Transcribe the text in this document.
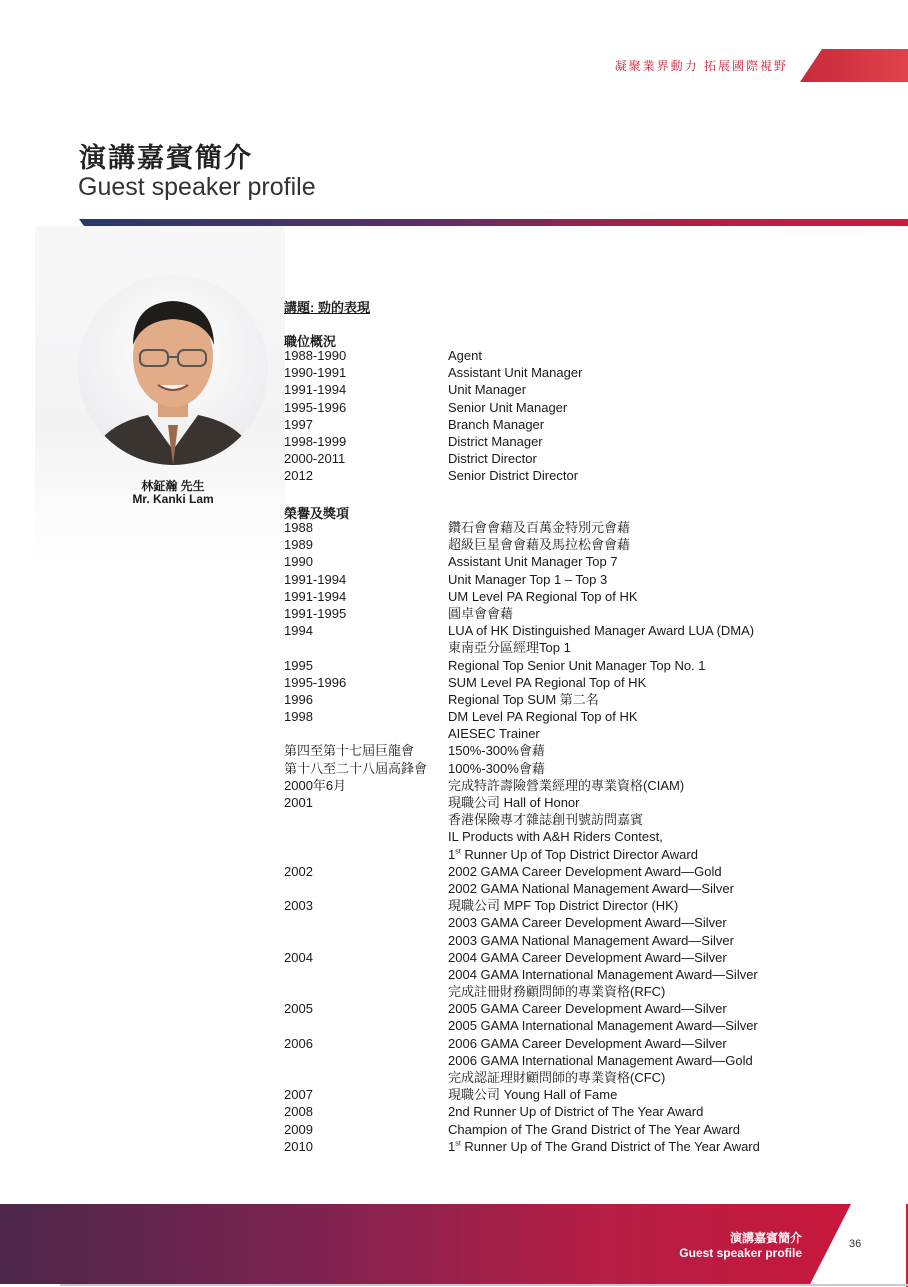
凝聚業界動力 拓展國際視野
演講嘉賓簡介
Guest speaker profile
林鉦瀚 先生
Mr. Kanki Lam
講題: 勁的表現
職位概況
1988-1990	Agent
1990-1991	Assistant Unit Manager
1991-1994	Unit Manager
1995-1996	Senior Unit Manager
1997	Branch Manager
1998-1999	District Manager
2000-2011	District Director
2012	Senior District Director
榮譽及獎項
1988	鑽石會會藉及百萬金特別元會藉
1989	超級巨星會會藉及馬拉松會會藉
1990	Assistant Unit Manager Top 7
1991-1994	Unit Manager Top 1 – Top 3
1991-1994	UM Level PA Regional Top of HK
1991-1995	圓卓會會藉
1994	LUA of HK Distinguished Manager Award LUA (DMA)
東南亞分區經理Top 1
1995	Regional Top Senior Unit Manager Top No. 1
1995-1996	SUM Level PA Regional Top of HK
1996	Regional Top SUM 第二名
1998	DM Level PA Regional Top of HK
AIESEC Trainer
第四至第十七屆巨龍會	150%-300%會藉
第十八至二十八屆高鋒會	100%-300%會藉
2000年6月	完成特許壽險營業經理的專業資格(CIAM)
2001	現職公司 Hall of Honor
香港保險專才雜誌創刊號訪問嘉賓
IL Products with A&H Riders Contest,
1st Runner Up of Top District Director Award
2002	2002 GAMA Career Development Award—Gold
2002 GAMA National Management Award—Silver
2003	現職公司 MPF Top District Director (HK)
2003 GAMA Career Development Award—Silver
2003 GAMA National Management Award—Silver
2004	2004 GAMA Career Development Award—Silver
2004 GAMA International Management Award—Silver
完成註冊財務顧問師的專業資格(RFC)
2005	2005 GAMA Career Development Award—Silver
2005 GAMA International Management Award—Silver
2006	2006 GAMA Career Development Award—Silver
2006 GAMA International Management Award—Gold
完成認証理財顧問師的專業資格(CFC)
2007	現職公司 Young Hall of Fame
2008	2nd Runner Up of District of The Year Award
2009	Champion of The Grand District of The Year Award
2010	1st Runner Up of The Grand District of The Year Award
演講嘉賓簡介
Guest speaker profile
36
